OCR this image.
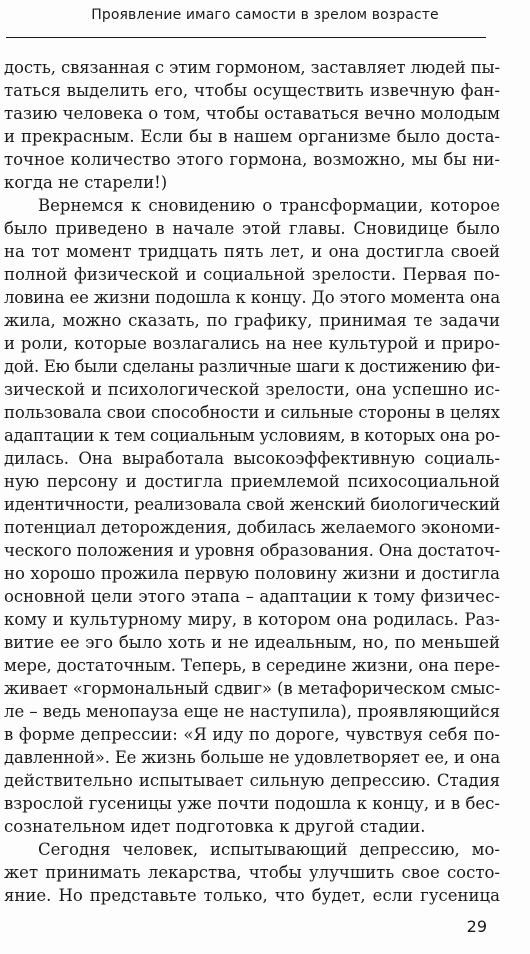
Проявление имаго самости в зрелом возрасте
дость, связанная с этим гормоном, заставляет людей пы-
таться выделить его, чтобы осуществить извечную фан-
тазию человека о том, чтобы оставаться вечно молодым
и прекрасным. Если бы в нашем организме было доста-
точное количество этого гормона, возможно, мы бы ни-
когда не старели!)
Вернемся к сновидению о трансформации, которое
было приведено в начале этой главы. Сновидице было
на тот момент тридцать пять лет, и она достигла своей
полной физической и социальной зрелости. Первая по-
ловина ее жизни подошла к концу. До этого момента она
жила, можно сказать, по графику, принимая те задачи
и роли, которые возлагались на нее культурой и приро-
дой. Ею были сделаны различные шаги к достижению фи-
зической и психологической зрелости, она успешно ис-
пользовала свои способности и сильные стороны в целях
адаптации к тем социальным условиям, в которых она ро-
дилась. Она выработала высокоэффективную социаль-
ную персону и достигла приемлемой психосоциальной
идентичности, реализовала свой женский биологический
потенциал деторождения, добилась желаемого экономи-
ческого положения и уровня образования. Она достаточ-
но хорошо прожила первую половину жизни и достигла
основной цели этого этапа – адаптации к тому физичес-
кому и культурному миру, в котором она родилась. Раз-
витие ее эго было хоть и не идеальным, но, по меньшей
мере, достаточным. Теперь, в середине жизни, она пере-
живает «гормональный сдвиг» (в метафорическом смыс-
ле – ведь менопауза еще не наступила), проявляющийся
в форме депрессии: «Я иду по дороге, чувствуя себя по-
давленной». Ее жизнь больше не удовлетворяет ее, и она
действительно испытывает сильную депрессию. Стадия
взрослой гусеницы уже почти подошла к концу, и в бес-
сознательном идет подготовка к другой стадии.
Сегодня человек, испытывающий депрессию, мо-
жет принимать лекарства, чтобы улучшить свое состо-
яние. Но представьте только, что будет, если гусеница
29
